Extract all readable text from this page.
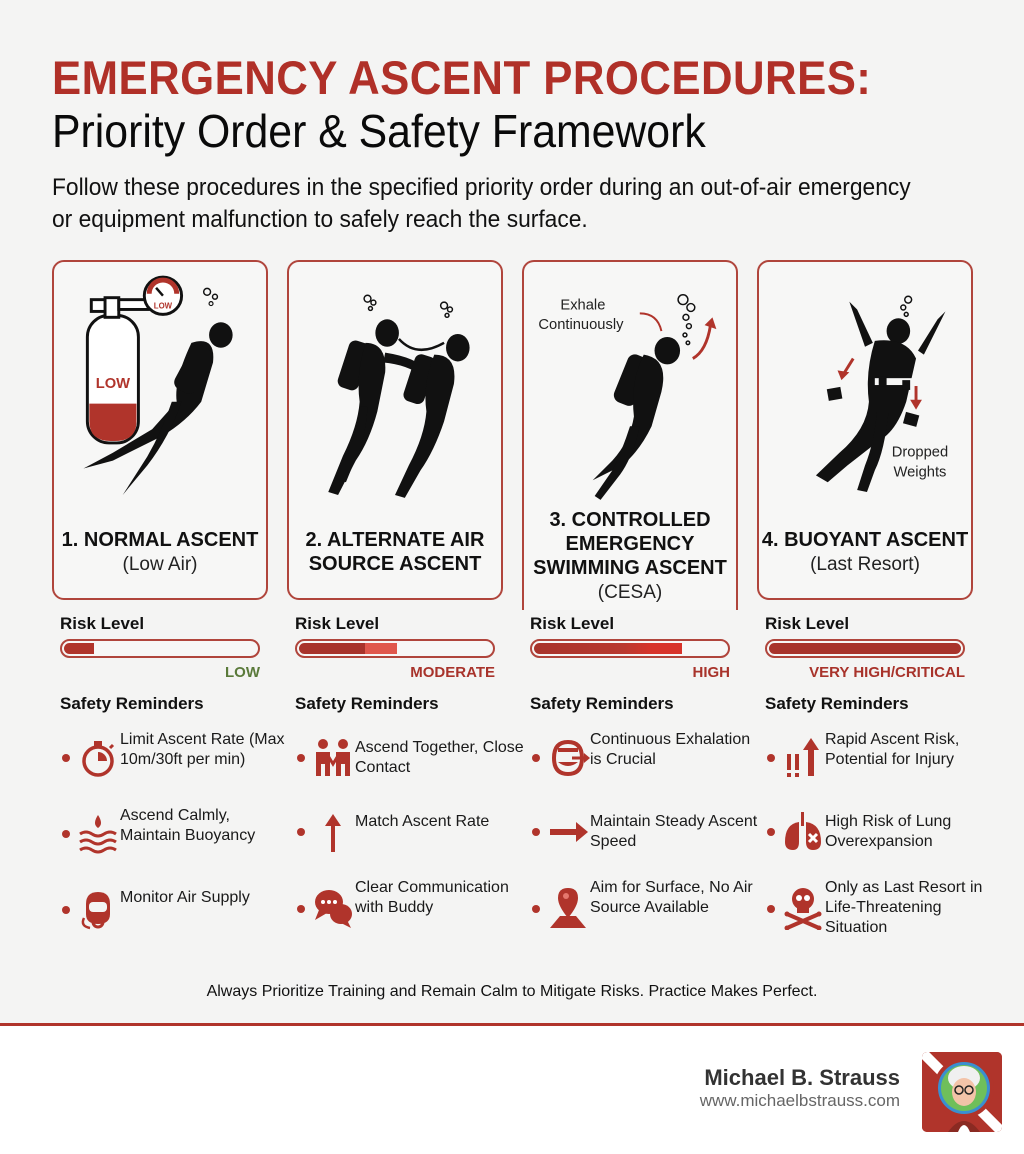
EMERGENCY ASCENT PROCEDURES:
Priority Order & Safety Framework
Follow these procedures in the specified priority order during an out-of-air emergency or equipment malfunction to safely reach the surface.
LOW
LOW
1. NORMAL ASCENT
(Low Air)
Risk Level
LOW
Safety Reminders
Limit Ascent Rate (Max 10m/30ft per min)
Ascend Calmly, Maintain Buoyancy
Monitor Air Supply
2. ALTERNATE AIR
SOURCE ASCENT
Risk Level
MODERATE
Safety Reminders
Ascend Together, Close Contact
Match Ascent Rate
Clear Communication with Buddy
Exhale
Continuously
3. CONTROLLED
EMERGENCY
SWIMMING ASCENT
(CESA)
Risk Level
HIGH
Safety Reminders
Continuous Exhalation is Crucial
Maintain Steady Ascent Speed
Aim for Surface, No Air Source Available
Dropped
Weights
4. BUOYANT ASCENT
(Last Resort)
Risk Level
VERY HIGH/CRITICAL
Safety Reminders
Rapid Ascent Risk, Potential for Injury
High Risk of Lung Overexpansion
Only as Last Resort in Life-Threatening Situation
Always Prioritize Training and Remain Calm to Mitigate Risks. Practice Makes Perfect.
Michael B. Strauss
www.michaelbstrauss.com
